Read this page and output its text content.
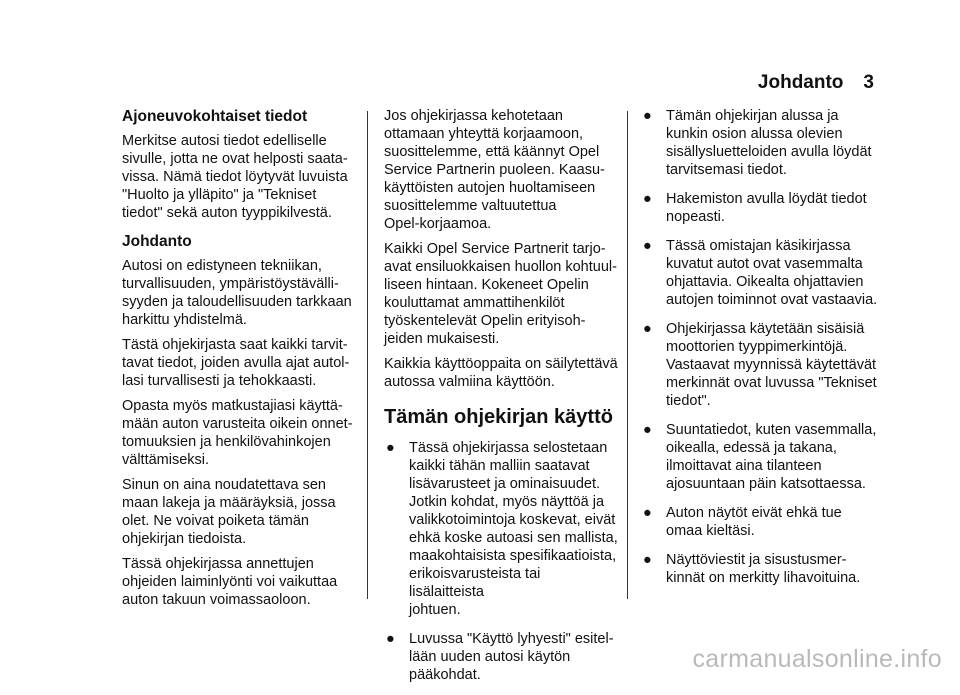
Johdanto 3
Ajoneuvokohtaiset tiedot

Merkitse autosi tiedot edelliselle
sivulle, jotta ne ovat helposti saata-
vissa. Nämä tiedot löytyvät luvuista
"Huolto ja ylläpito" ja "Tekniset
tiedot" sekä auton tyyppikilvestä.

Johdanto

Autosi on edistyneen tekniikan,
turvallisuuden, ympäristöystävälli-
syyden ja taloudellisuuden tarkkaan
harkittu yhdistelmä.

Tästä ohjekirjasta saat kaikki tarvit-
tavat tiedot, joiden avulla ajat autol-
lasi turvallisesti ja tehokkaasti.

Opasta myös matkustajiasi käyttä-
mään auton varusteita oikein onnet-
tomuuksien ja henkilövahinkojen
välttämiseksi.

Sinun on aina noudatettava sen
maan lakeja ja määräyksiä, jossa
olet. Ne voivat poiketa tämän
ohjekirjan tiedoista.

Tässä ohjekirjassa annettujen
ohjeiden laiminlyönti voi vaikuttaa
auton takuun voimassaoloon.

Jos ohjekirjassa kehotetaan
ottamaan yhteyttä korjaamoon,
suosittelemme, että käännyt Opel
Service Partnerin puoleen. Kaasu-
käyttöisten autojen huoltamiseen
suosittelemme valtuutettua
Opel-korjaamoa.

Kaikki Opel Service Partnerit tarjo-
avat ensiluokkaisen huollon kohtuul-
liseen hintaan. Kokeneet Opelin
kouluttamat ammattihenkilöt
työskentelevät Opelin erityisoh-
jeiden mukaisesti.

Kaikkia käyttöoppaita on säilytettävä
autossa valmiina käyttöön.

Tämän ohjekirjan käyttö
● Tässä ohjekirjassa selostetaan
kaikki tähän malliin saatavat
lisävarusteet ja ominaisuudet.
Jotkin kohdat, myös näyttöä ja
valikkotoimintoja koskevat, eivät
ehkä koske autoasi sen mallista,
maakohtaisista spesifikaatioista,
erikoisvarusteista tai lisälaitteista
johtuen.
● Luvussa "Käyttö lyhyesti" esitel-
lään uuden autosi käytön
pääkohdat.
● Tämän ohjekirjan alussa ja
kunkin osion alussa olevien
sisällysluetteloiden avulla löydät
tarvitsemasi tiedot.
● Hakemiston avulla löydät tiedot
nopeasti.
● Tässä omistajan käsikirjassa
kuvatut autot ovat vasemmalta
ohjattavia. Oikealta ohjattavien
autojen toiminnot ovat vastaavia.
● Ohjekirjassa käytetään sisäisiä
moottorien tyyppimerkintöjä.
Vastaavat myynnissä käytettävät
merkinnät ovat luvussa "Tekniset
tiedot".
● Suuntatiedot, kuten vasemmalla,
oikealla, edessä ja takana,
ilmoittavat aina tilanteen
ajosuuntaan päin katsottaessa.
● Auton näytöt eivät ehkä tue
omaa kieltäsi.
● Näyttöviestit ja sisustusmer-
kinnät on merkitty lihavoituina.
carmanualsonline.info
